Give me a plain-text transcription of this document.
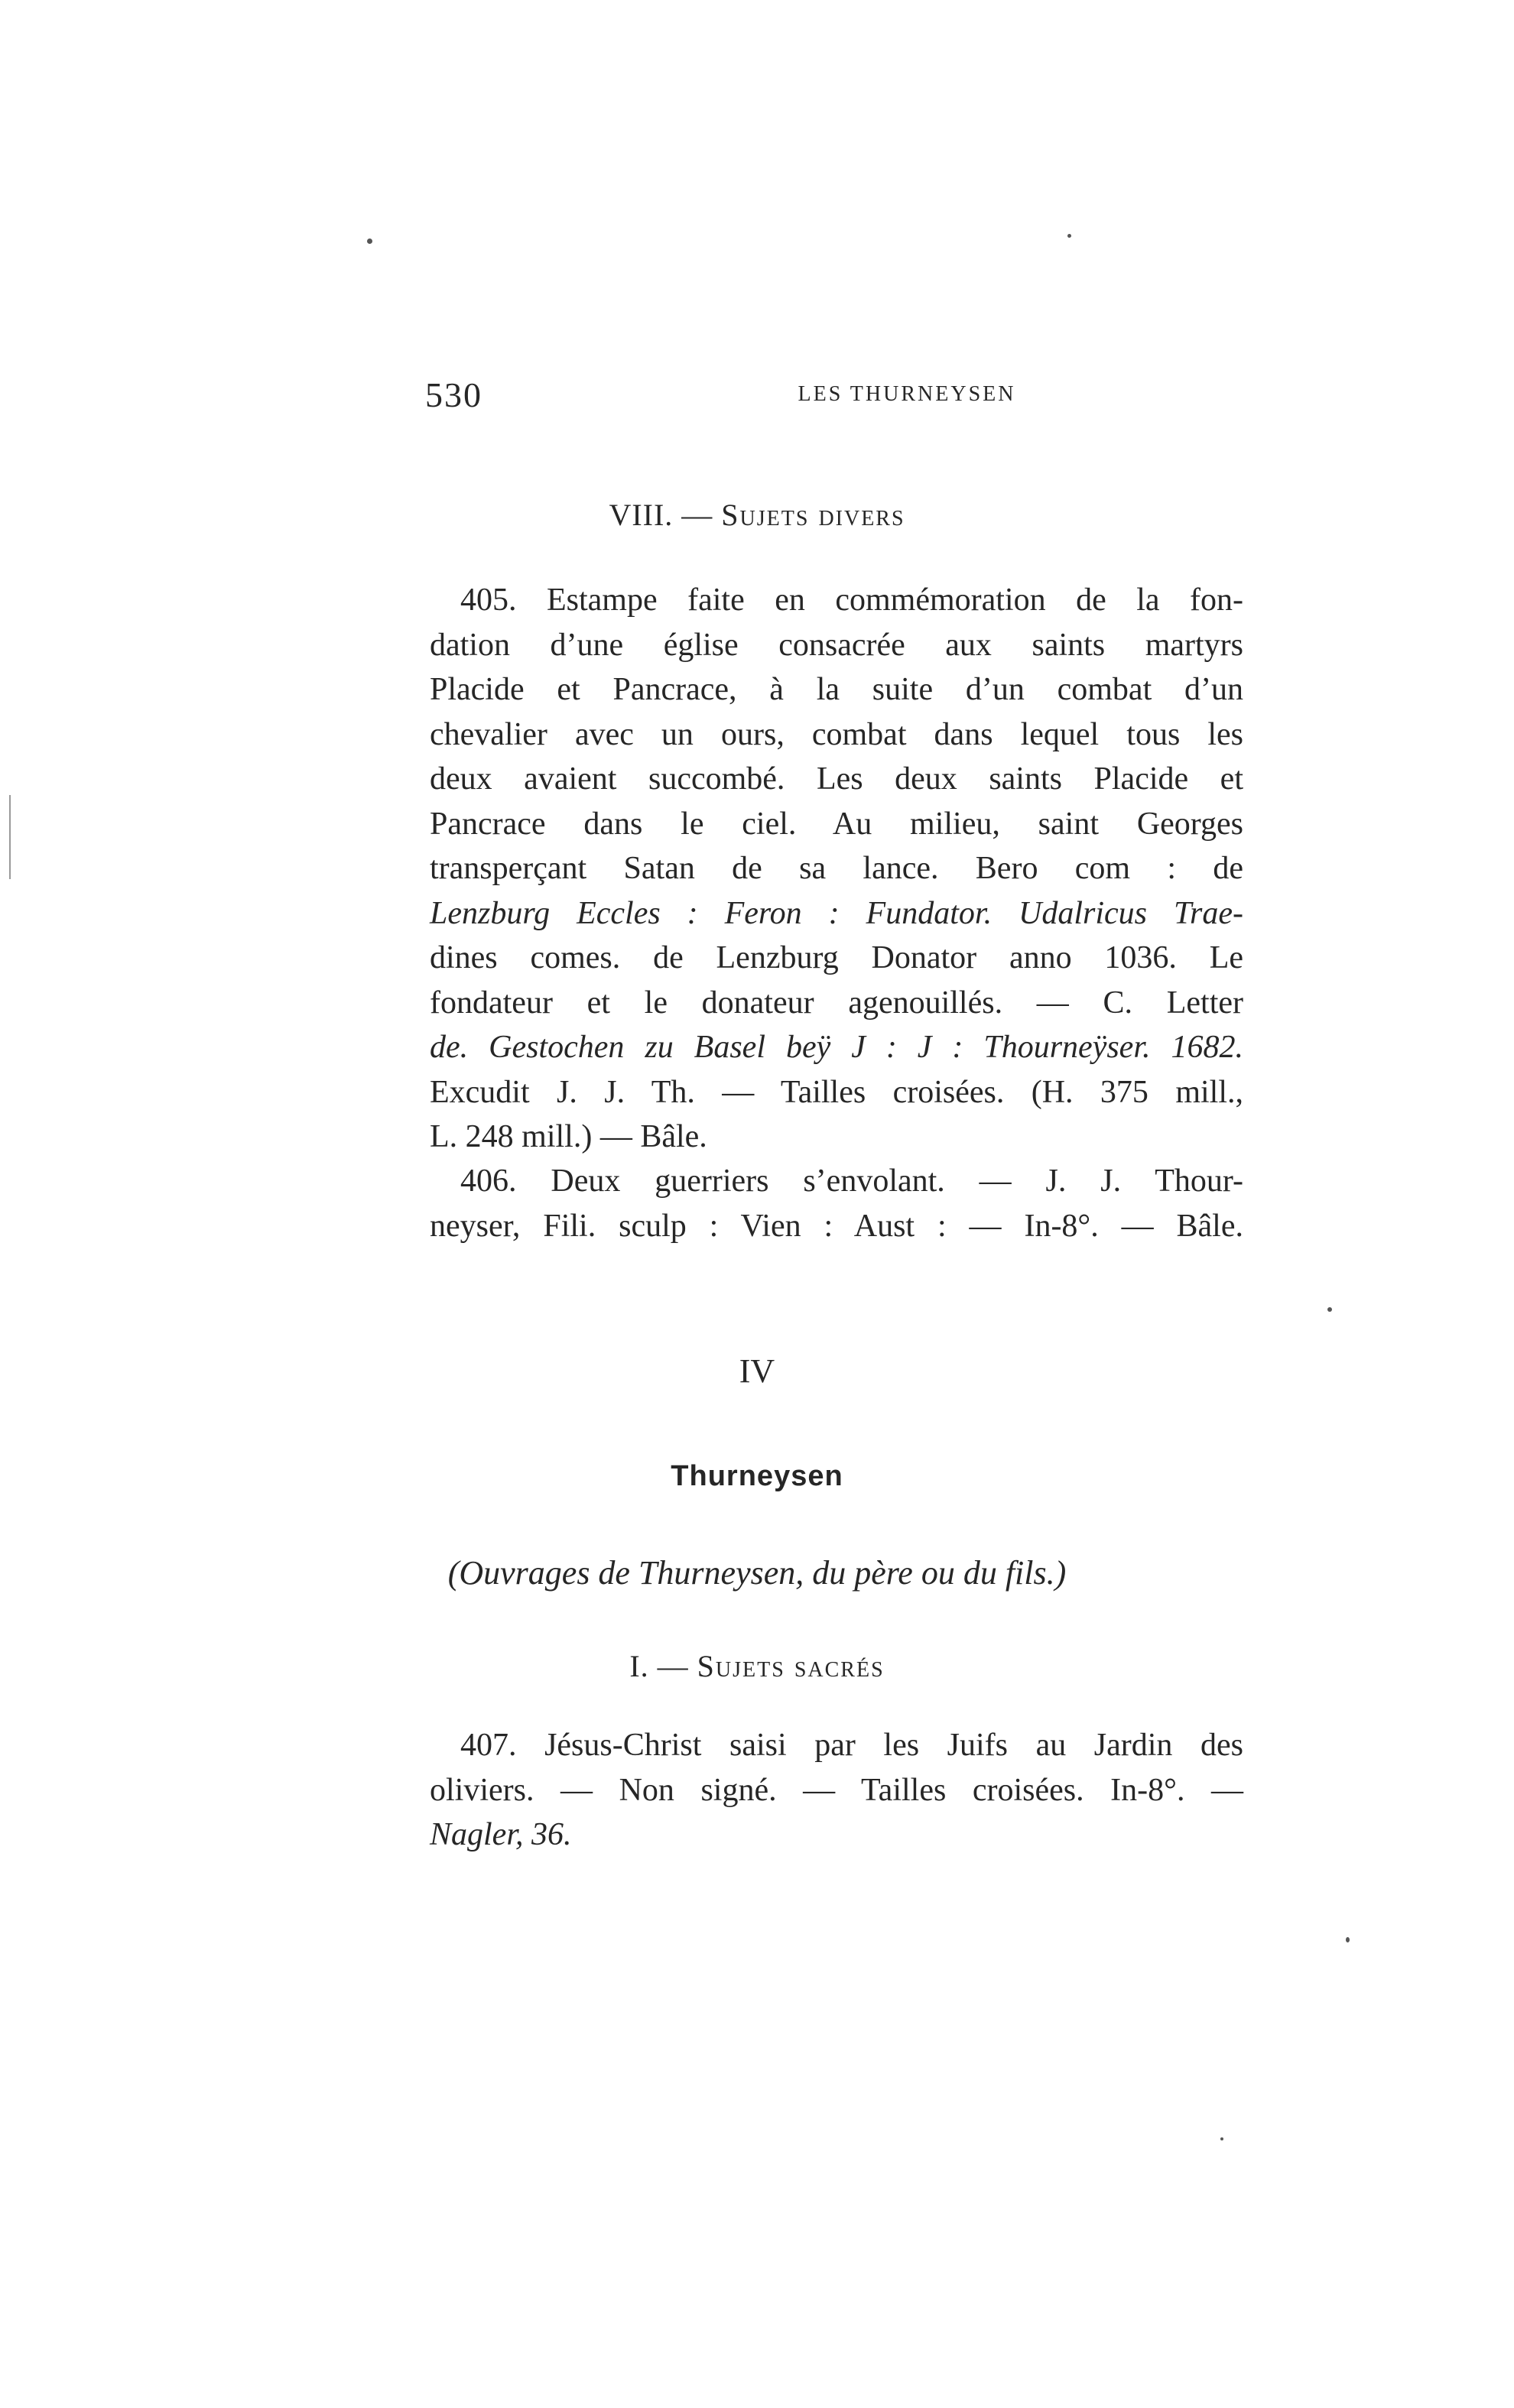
530	LES THURNEYSEN
VIII. — Sujets divers
405. Estampe faite en commémoration de la fon-
dation d’une église consacrée aux saints martyrs
Placide et Pancrace, à la suite d’un combat d’un
chevalier avec un ours, combat dans lequel tous les
deux avaient succombé. Les deux saints Placide et
Pancrace dans le ciel. Au milieu, saint Georges
transperçant Satan de sa lance. Bero com : de
Lenzburg Eccles : Feron : Fundator. Udalricus Trae-
dines comes. de Lenzburg Donator anno 1036. Le
fondateur et le donateur agenouillés. — C. Letter
de. Gestochen zu Basel beÿ J : J : Thourneÿser. 1682.
Excudit J. J. Th. — Tailles croisées. (H. 375 mill.,
L. 248 mill.) — Bâle.
406. Deux guerriers s’envolant. — J. J. Thour-
neyser, Fili. sculp : Vien : Aust : — In-8°. — Bâle.
IV
Thurneysen
(Ouvrages de Thurneysen, du père ou du fils.)
I. — Sujets sacrés
407. Jésus-Christ saisi par les Juifs au Jardin des
oliviers. — Non signé. — Tailles croisées. In-8°. —
Nagler, 36.
